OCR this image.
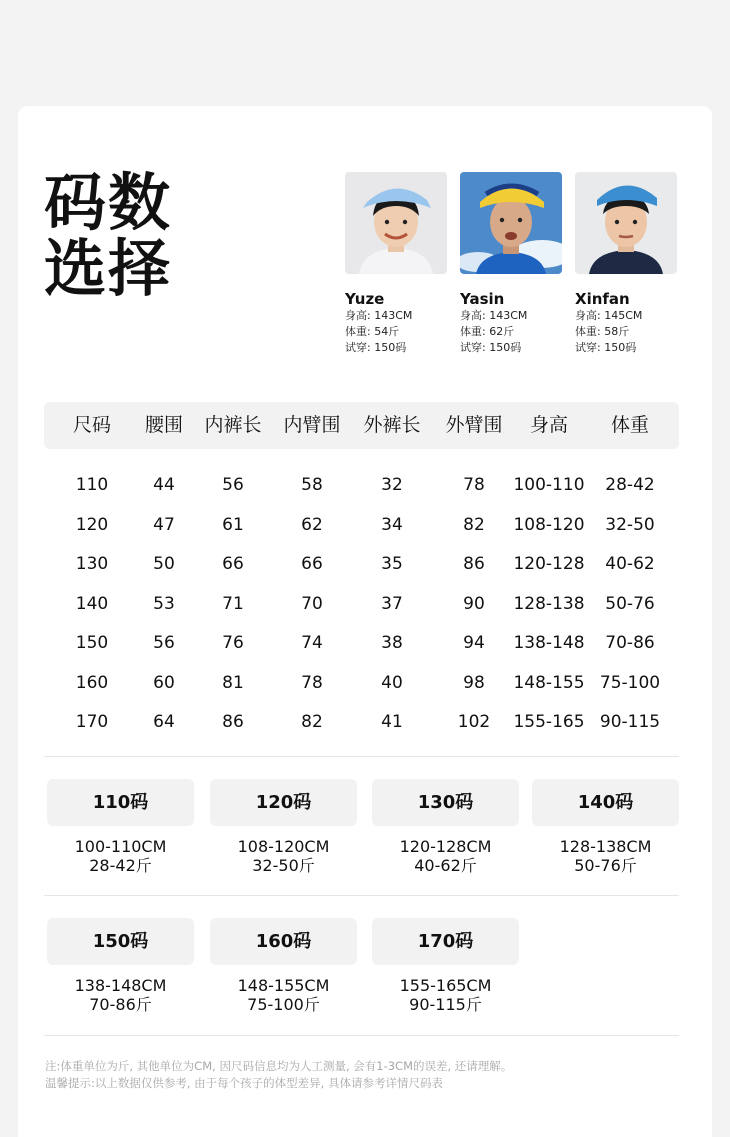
码数
选择	Yuze
身高: 143CM
体重: 54斤
试穿: 150码
Yasin
身高: 143CM
体重: 62斤
试穿: 150码
Xinfan
身高: 145CM
体重: 58斤
试穿: 150码
尺码 腰围 内裤长 内臂围 外裤长 外臂围 身高 体重
110	44	56	58	32	78 100-110 28-42
120	47	61	62	34	82 108-120 32-50
130	50	66	66	35	86 120-128 40-62
140	53	71	70	37	90 128-138 50-76
150	56	76	74	38	94 138-148 70-86
160	60	81	78	40	98 148-155 75-100
170	64	86	82	41	102 155-165 90-115
110码
100-110CM
28-42斤
120码
108-120CM
32-50斤
130码
120-128CM
40-62斤
140码
128-138CM
50-76斤
150码
138-148CM
70-86斤
160码
148-155CM
75-100斤
170码
155-165CM
90-115斤
注:体重单位为斤, 其他单位为CM, 因尺码信息均为人工测量, 会有1-3CM的误差, 还请理解。
温馨提示:以上数据仅供参考, 由于每个孩子的体型差异, 具体请参考详情尺码表
